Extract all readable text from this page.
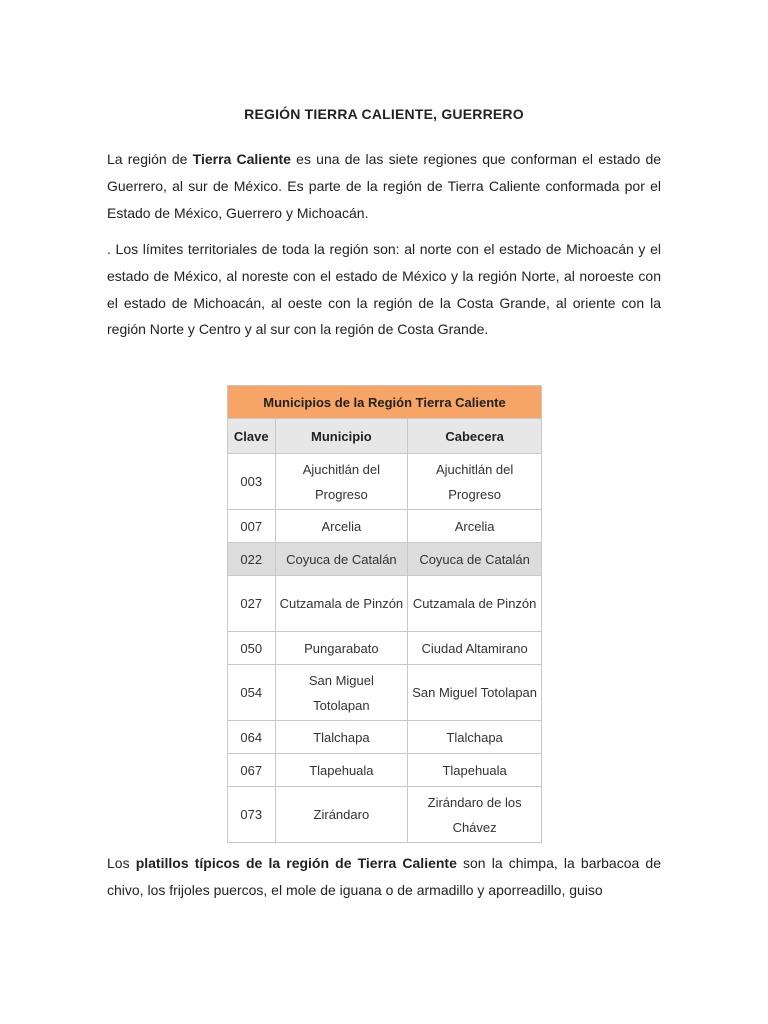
REGIÓN TIERRA CALIENTE, GUERRERO

La región de Tierra Caliente es una de las siete regiones que conforman el estado de Guerrero, al sur de México. Es parte de la región de Tierra Caliente conformada por el Estado de México, Guerrero y Michoacán.

. Los límites territoriales de toda la región son: al norte con el estado de Michoacán y el estado de México, al noreste con el estado de México y la región Norte, al noroeste con el estado de Michoacán, al oeste con la región de la Costa Grande, al oriente con la región Norte y Centro y al sur con la región de Costa Grande.

Municipios de la Región Tierra Caliente		
Clave	Municipio	Cabecera
003	Ajuchitlán del Progreso	Ajuchitlán del Progreso
007	Arcelia	Arcelia
022	Coyuca de Catalán	Coyuca de Catalán
027	Cutzamala de Pinzón	Cutzamala de Pinzón
050	Pungarabato	Ciudad Altamirano
054	San Miguel Totolapan	San Miguel Totolapan
064	Tlalchapa	Tlalchapa
067	Tlapehuala	Tlapehuala
073	Zirándaro	Zirándaro de los Chávez

Los platillos típicos de la región de Tierra Caliente son la chimpa, la barbacoa de chivo, los frijoles puercos, el mole de iguana o de armadillo y aporreadillo, guiso
